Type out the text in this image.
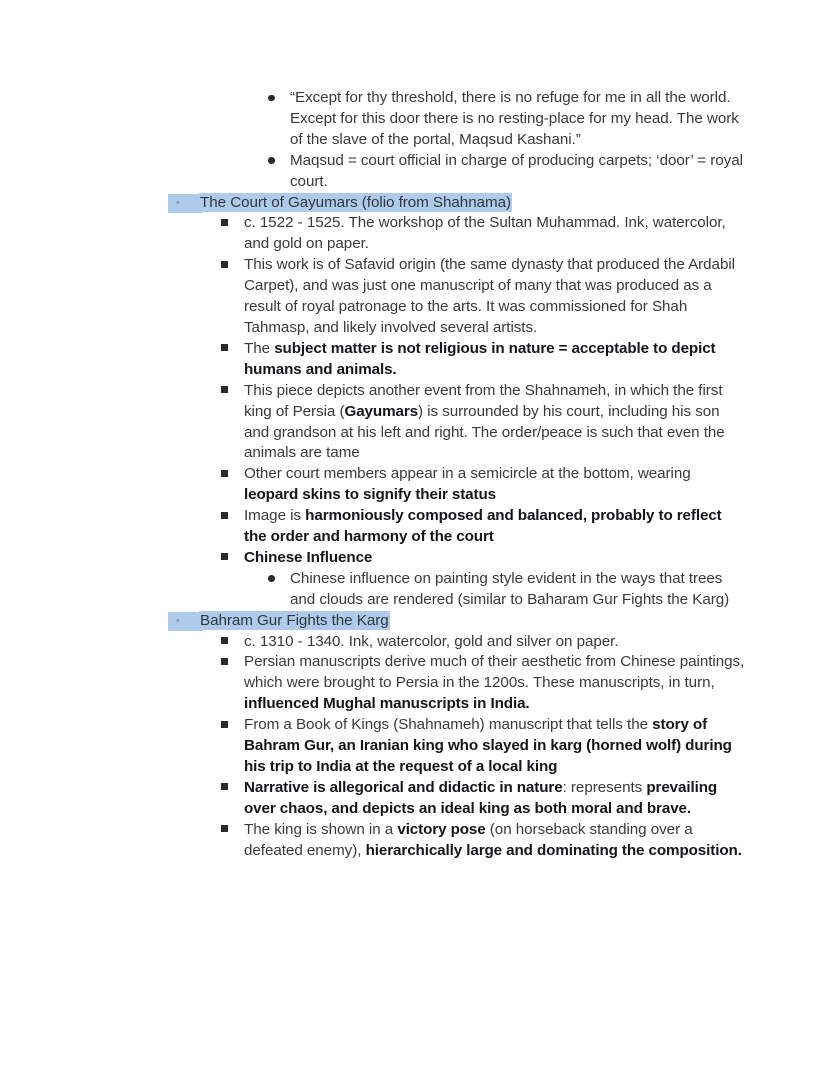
“Except for thy threshold, there is no refuge for me in all the world. Except for this door there is no resting-place for my head. The work of the slave of the portal, Maqsud Kashani.”
Maqsud = court official in charge of producing carpets; ‘door’ = royal court.
◦ The Court of Gayumars (folio from Shahnama)
c. 1522 - 1525. The workshop of the Sultan Muhammad. Ink, watercolor, and gold on paper.
This work is of Safavid origin (the same dynasty that produced the Ardabil Carpet), and was just one manuscript of many that was produced as a result of royal patronage to the arts. It was commissioned for Shah Tahmasp, and likely involved several artists.
The subject matter is not religious in nature = acceptable to depict humans and animals.
This piece depicts another event from the Shahnameh, in which the first king of Persia (Gayumars) is surrounded by his court, including his son and grandson at his left and right. The order/peace is such that even the animals are tame
Other court members appear in a semicircle at the bottom, wearing leopard skins to signify their status
Image is harmoniously composed and balanced, probably to reflect the order and harmony of the court
Chinese Influence
Chinese influence on painting style evident in the ways that trees and clouds are rendered (similar to Baharam Gur Fights the Karg)
◦ Bahram Gur Fights the Karg
c. 1310 - 1340. Ink, watercolor, gold and silver on paper.
Persian manuscripts derive much of their aesthetic from Chinese paintings, which were brought to Persia in the 1200s. These manuscripts, in turn, influenced Mughal manuscripts in India.
From a Book of Kings (Shahnameh) manuscript that tells the story of Bahram Gur, an Iranian king who slayed in karg (horned wolf) during his trip to India at the request of a local king
Narrative is allegorical and didactic in nature: represents prevailing over chaos, and depicts an ideal king as both moral and brave.
The king is shown in a victory pose (on horseback standing over a defeated enemy), hierarchically large and dominating the composition.
